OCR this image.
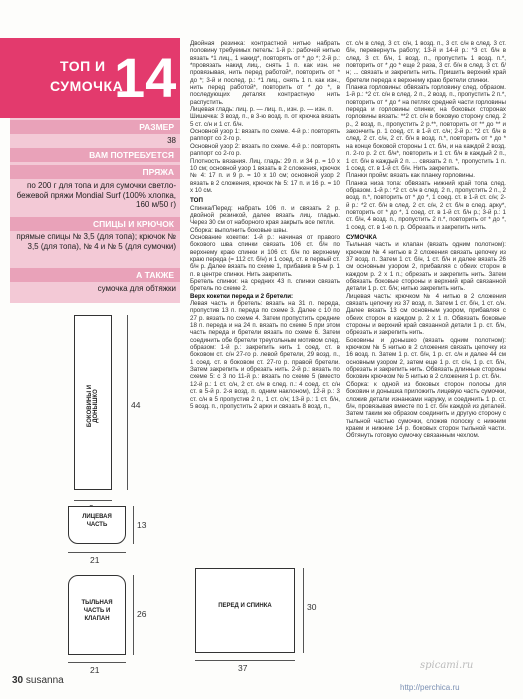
ТОП И
СУМОЧКА
14
РАЗМЕР
38
ВАМ ПОТРЕБУЕТСЯ
ПРЯЖА
по 200 г для топа и для сумочки светло-бежевой пряжи Mondial Surf (100% хлопка, 160 м/50 г)
СПИЦЫ И КРЮЧОК
прямые спицы № 3,5 (для топа); крючок № 3,5 (для топа), № 4 и № 5 (для сумочки)
А ТАКЖЕ
сумочка для обтяжки
БОКОВИНЫ И ДОНЫШКО	44
ЛИЦЕВАЯ
ЧАСТЬ	13
21
ТЫЛЬНАЯ
ЧАСТЬ И
КЛАПАН	26
21
ПЕРЕД И СПИНКА	30
37

Двойная резинка: контрастной нитью набрать половину требуемых петель: 1-й р.: рабочей нитью вязать *1 лиц., 1 накид*, повторять от * до *; 2-й р.: *провязать накид лиц., снять 1 п. как изн. не провязывая, нить перед работой*, повторить от * до *; 3-й и послед. р.: *1 лиц., снять 1 п. как изн., нить перед работой*, повторить от * до *, в последующих деталях контрастную нить распустить.

Лицевая гладь: лиц. р. — лиц. п., изн. р. — изн. п.

Шишечка: 3 возд. п., в 3-ю возд. п. от крючка вязать 5 ст. с/н и 1 ст. б/н.

Основной узор 1: вязать по схеме. 4-й р.: повторять раппорт со 2-го р.

Основной узор 2: вязать по схеме. 4-й р.: повторять раппорт со 2-го р.

Плотность вязания. Лиц. гладь: 29 п. и 34 р. = 10 х 10 см; основной узор 1 вязать в 2 сложения, крючок № 4: 17 п. и 9 р. = 10 х 10 см; основной узор 2 вязать в 2 сложения, крючок № 5: 17 п. и 16 р. = 10 х 10 см.

ТОП

Спинка/Перед: набрать 106 п. и связать 2 р. двойной резинкой, далее вязать лиц. гладью. Через 30 см от наборного края закрыть все петли.

Сборка: выполнить боковые швы.

Основание кокетки: 1-й р.: начиная от правого бокового шва спинки связать 106 ст. б/н по верхнему краю спинки и 106 ст. б/н по верхнему краю переда (= 112 ст. б/н) и 1 соед. ст. в первый ст. б/н р. Далее вязать по схеме 1, прибавив в 5-м р. 1 п. в центре спинки. Нить закрепить.

Бретель спинки: на средних 43 п. спинки связать бретель по схеме 2.

Верх кокетки переда и 2 бретели:

Левая часть и бретель: вязать на 31 п. переда, пропустив 13 п. переда по схеме 3. Далее с 10 по 27 р. вязать по схеме 4. Затем пропустить средние 18 п. переда и на 24 п. вязать по схеме 5 при этом часть переда и бретели вязать по схеме 6. Затем соединить обе бретели треугольным мотивом след. образом: 1-й р.: закрепить нить 1 соед. ст. в боковом ст. с/н 27-го р. левой бретели, 29 возд. п., 1 соед. ст. в боковом ст. 27-го р. правой бретели. Затем закрепить и обрезать нить. 2-й р.: вязать по схеме 5: с 3 по 11-й р.: вязать по схеме 5 (вместо 12-й р.: 1 ст. с/н, 2 ст. с/н в след. п.: 4 соед. ст. с/н ст. в 5-й р. 2-я возд. п. одним наклоном), 12-й р.: 3 ст. с/н в 5 пропустив 2 п., 1 ст. с/н; 13-й р.: 1 ст. б/н, 5 возд. п., пропустить 2 арки и связать 8 возд. п.,

ст. с/н в след. 3 ст. с/н, 1 возд. п., 3 ст. с/н в след. 3 ст. б/н, перевернуть работу; 13-й и 14-й р.: *3 ст. б/н в след. 3 ст. б/н, 1 возд. п., пропустить 1 возд. п.*, повторить от * до * еще 2 раза, 3 ст. б/н в след. 3 ст. б/н; ... связать и закрепить нить. Пришить верхний край бретели переда к верхнему краю бретели спинки.

Планка горловины: обвязать горловину след. образом. 1-й р.: *2 ст. с/н в след. 2 п., 2 возд. п., пропустить 2 п.*, повторить от * до * на петлях средней части горловины переда и горловины спинки; на боковых сторонах горловины вязать: **2 ст. с/н в боковую сторону след. 2 р., 2 возд. п., пропустить 2 р.**, повторить от ** до ** и закончить р. 1 соед. ст. в 1-й ст. с/н; 2-й р.: *2 ст. б/н в след. 2 ст. с/н, 2 ст. б/н в возд. п.*, повторить от * до * на конце боковой стороны 1 ст. б/н, и на каждой 2 возд. п. 2-го р. 2 ст. б/н*, повторить и 1 ст. б/н в каждый 2 п., 1 ст. б/н в каждый 2 п. ... связать 2 п. *, пропустить 1 п. 1 соед. ст. в 1-й ст. б/н. Нить закрепить.

Планки пройм: вязать как планку горловины.

Планка низа топа: обвязать нижний край топа след. образом. 1-й р.: *2 ст. с/н в след. 2 п., пропустить 2 п., 2 возд. п.*, повторить от * до *, 1 соед. ст. в 1-й ст. с/н; 2-й р.: *2 ст. б/н в след. 2 ст. с/н, 2 ст. б/н в след. арку*, повторить от * до *, 1 соед. ст. в 1-й ст. б/н р.; 3-й р.: 1 ст. б/н, 4 возд. п., пропустить 2 п.*, повторить от * до *, 1 соед. ст. в 1-ю п. р. Обрезать и закрепить нить.

СУМОЧКА

Тыльная часть и клапан (вязать одним полотном): крючком № 4 нитью в 2 сложения связать цепочку из 37 возд. п. Затем 1 ст. б/н, 1 ст. б/н и далее вязать 26 см основным узором 2, прибавляя с обеих сторон в каждом р. 2 х 1 п.; обрезать и закрепить нить. Затем обвязать боковые стороны и верхний край связанной детали 1 р. ст. б/н; нитью закрепить нить.

Лицевая часть: крючком № 4 нитью в 2 сложения связать цепочку из 37 возд. п. Затем 1 ст. б/н, 1 ст. с/н. Далее вязать 13 см основным узором, прибавляя с обеих сторон в каждом р. 2 х 1 п. Обвязать боковые стороны и верхний край связанной детали 1 р. ст. б/н, обрезать и закрепить нить.

Боковины и донышко (вязать одним полотном): крючком № 5 нитью в 2 сложения связать цепочку из 16 возд. п. Затем 1 р. ст. б/н, 1 р. ст. с/н и далее 44 см основным узором 2, затем еще 1 р. ст. с/н, 1 р. ст. б/н, обрезать и закрепить нить. Обвязать длинные стороны боковин крючком № 5 нитью в 2 сложения 1 р. ст. б/н.

Сборка: к одной из боковых сторон полосы для боковин и донышка приложить лицевую часть сумочки, сложив детали изнанками наружу, и соединить 1 р. ст. б/н, провязывая вместе по 1 ст. б/н каждой из деталей. Затем таким же образом соединить и другую сторону с тыльной частью сумочки, сложив полоску с нижним краем и нижние 14 р. боковых сторон тыльной части. Обтянуть готовую сумочку связанным чехлом.

30 susanna
spicami.ru
http://perchica.ru
